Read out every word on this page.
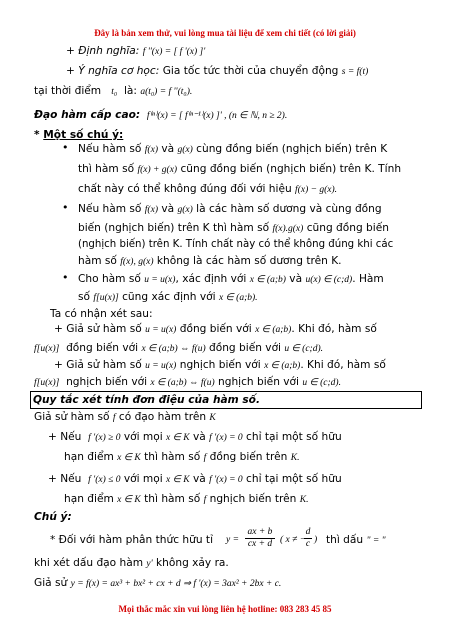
Đây là bản xem thử, vui lòng mua tài liệu để xem chi tiết (có lời giải)
+ Định nghĩa: f ''(x) = [ f '(x) ]'
+ Ý nghĩa cơ học: Gia tốc tức thời của chuyển động s = f(t)
tại thời điểm t₀ là: a(t₀) = f ''(t₀).
Đạo hàm cấp cao: f⁽ⁿ⁾(x) = [ f⁽ⁿ⁻¹⁾(x) ]' , (n ∈ ℕ, n ≥ 2).
* Một số chú ý:
• Nếu hàm số f(x) và g(x) cùng đồng biến (nghịch biến) trên K
thì hàm số f(x) + g(x) cũng đồng biến (nghịch biến) trên K. Tính
chất này có thể không đúng đối với hiệu f(x) − g(x).
• Nếu hàm số f(x) và g(x) là các hàm số dương và cùng đồng
biến (nghịch biến) trên K thì hàm số f(x).g(x) cũng đồng biến
(nghịch biến) trên K. Tính chất này có thể không đúng khi các
hàm số f(x), g(x) không là các hàm số dương trên K.
• Cho hàm số u = u(x), xác định với x ∈ (a;b) và u(x) ∈ (c;d). Hàm
số f[u(x)] cũng xác định với x ∈ (a;b).
Ta có nhận xét sau:
+ Giả sử hàm số u = u(x) đồng biến với x ∈ (a;b). Khi đó, hàm số
f[u(x)] đồng biến với x ∈ (a;b) ⇔ f(u) đồng biến với u ∈ (c;d).
+ Giả sử hàm số u = u(x) nghịch biến với x ∈ (a;b). Khi đó, hàm số
f[u(x)] nghịch biến với x ∈ (a;b) ⇔ f(u) nghịch biến với u ∈ (c;d).
Quy tắc xét tính đơn điệu của hàm số.
Giả sử hàm số f có đạo hàm trên K
+ Nếu f '(x) ≥ 0 với mọi x ∈ K và f '(x) = 0 chỉ tại một số hữu
hạn điểm x ∈ K thì hàm số f đồng biến trên K.
+ Nếu f '(x) ≤ 0 với mọi x ∈ K và f '(x) = 0 chỉ tại một số hữu
hạn điểm x ∈ K thì hàm số f nghịch biến trên K.
Chú ý:
* Đối với hàm phân thức hữu tỉ y =
ax + b
cx + d ( x ≠ −
d
c ) thì dấu " = "
khi xét dấu đạo hàm y' không xảy ra.
Giả sử y = f(x) = ax³ + bx² + cx + d ⇒ f '(x) = 3ax² + 2bx + c.
Mọi thắc mắc xin vui lòng liên hệ hotline: 083 283 45 85
